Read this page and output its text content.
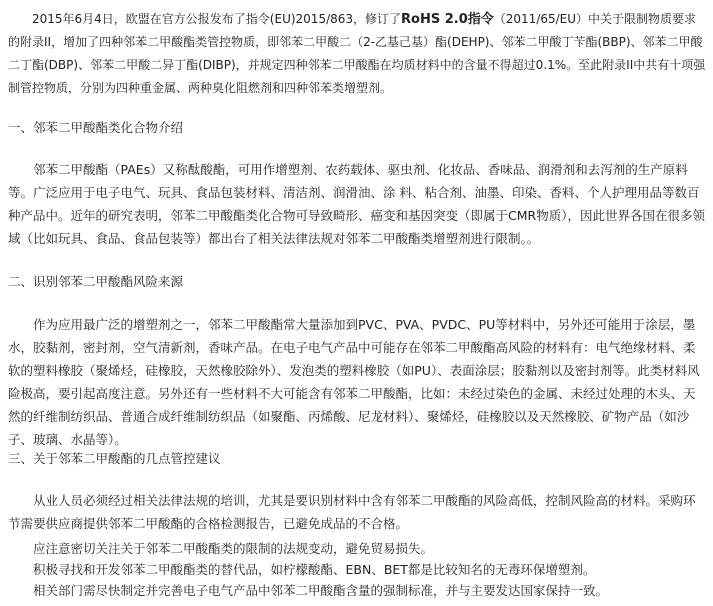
2015年6月4日，欧盟在官方公报发布了指令(EU)2015/863，修订了RoHS 2.0指令（2011/65/EU）中关于限制物质要求的附录II，增加了四种邻苯二甲酸酯类管控物质，即邻苯二甲酸二（2-乙基己基）酯(DEHP)、邻苯二甲酸丁苄酯(BBP)、邻苯二甲酸二丁酯(DBP)、邻苯二甲酸二异丁酯(DIBP)，并规定四种邻苯二甲酸酯在均质材料中的含量不得超过0.1%。至此附录II中共有十项强制管控物质，分别为四种重金属、两种臭化阻燃剂和四种邻苯类增塑剂。

一、邻苯二甲酸酯类化合物介绍

邻苯二甲酸酯（PAEs）又称酞酸酯，可用作增塑剂、农药载体、驱虫剂、化妆品、香味品、润滑剂和去泻剂的生产原料等。广泛应用于电子电气、玩具、食品包装材料、清洁剂、润滑油、涂 料、粘合剂、油墨、印染、香料、个人护理用品等数百种产品中。近年的研究表明，邻苯二甲酸酯类化合物可导致畸形、癌变和基因突变（即属于CMR物质），因此世界各国在很多领域（比如玩具、食品、食品包装等）都出台了相关法律法规对邻苯二甲酸酯类增塑剂进行限制。。

二、识别邻苯二甲酸酯风险来源

作为应用最广泛的增塑剂之一，邻苯二甲酸酯常大量添加到PVC、PVA、PVDC、PU等材料中，另外还可能用于涂层，墨水，胶黏剂，密封剂，空气清新剂，香味产品。在电子电气产品中可能存在邻苯二甲酸酯高风险的材料有：电气绝缘材料、柔软的塑料橡胶（聚烯烃，硅橡胶，天然橡胶除外）、发泡类的塑料橡胶（如PU）、表面涂层；胶黏剂以及密封剂等。此类材料风险极高，要引起高度注意。另外还有一些材料不大可能含有邻苯二甲酸酯，比如：未经过染色的金属、未经过处理的木头、天然的纤维制纺织品、普通合成纤维制纺织品（如聚酯、丙烯酸、尼龙材料）、聚烯烃，硅橡胶以及天然橡胶、矿物产品（如沙子、玻璃、水晶等）。

三、关于邻苯二甲酸酯的几点管控建议

从业人员必须经过相关法律法规的培训，尤其是要识别材料中含有邻苯二甲酸酯的风险高低，控制风险高的材料。采购环节需要供应商提供邻苯二甲酸酯的合格检测报告，已避免成品的不合格。

应注意密切关注关于邻苯二甲酸酯类的限制的法规变动，避免贸易损失。

积极寻找和开发邻苯二甲酸酯类的替代品，如柠檬酸酯、EBN、BET都是比较知名的无毒环保增塑剂。

相关部门需尽快制定并完善电子电气产品中邻苯二甲酸酯含量的强制标准，并与主要发达国家保持一致。
